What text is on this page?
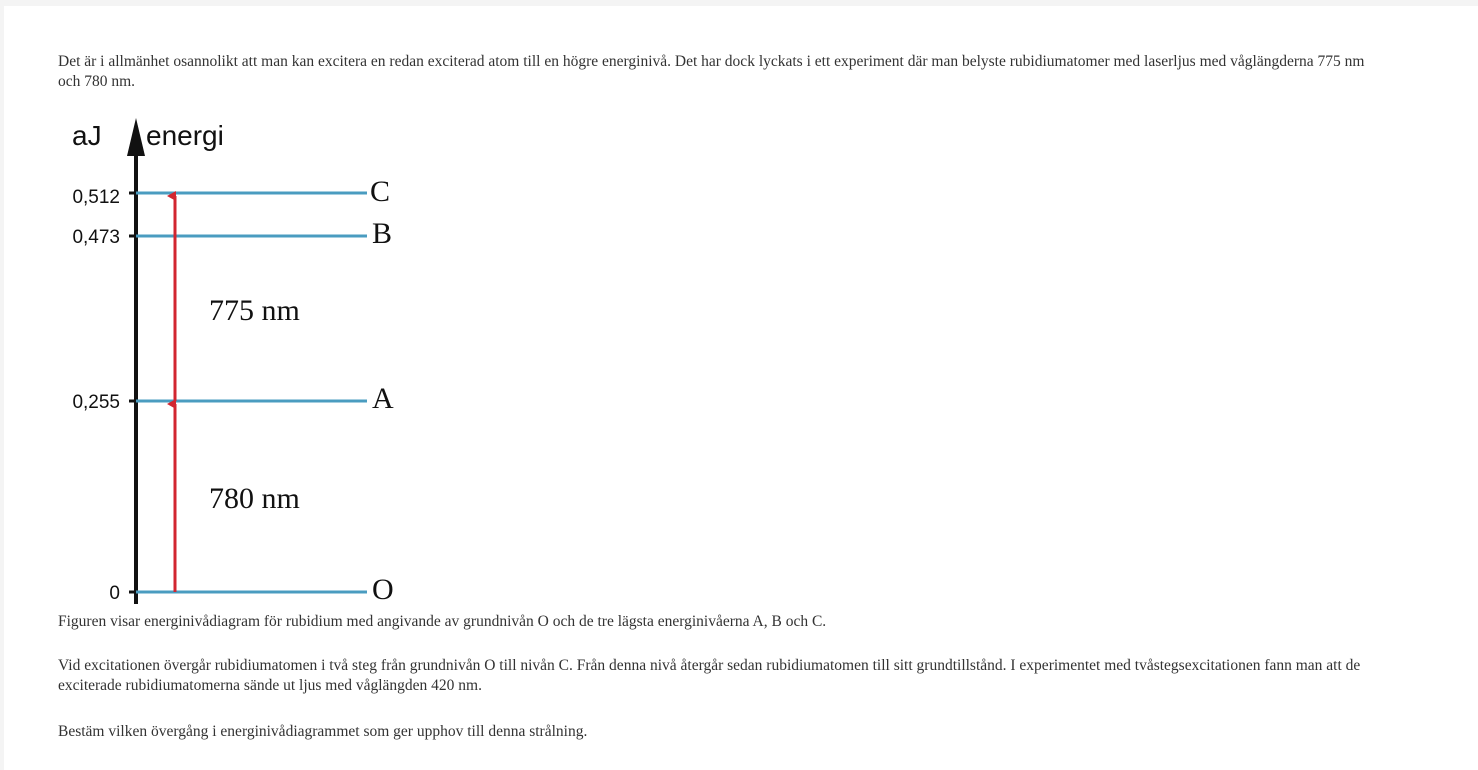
Det är i allmänhet osannolikt att man kan excitera en redan exciterad atom till en högre energinivå. Det har dock lyckats i ett experiment där man belyste rubidiumatomer med laserljus med våglängderna 775 nm och 780 nm.

aJ energi
0,512	C
0,473	B
0,255	A
0	O
775 nm
780 nm

Figuren visar energinivådiagram för rubidium med angivande av grundnivån O och de tre lägsta energinivåerna A, B och C.

Vid excitationen övergår rubidiumatomen i två steg från grundnivån O till nivån C. Från denna nivå återgår sedan rubidiumatomen till sitt grundtillstånd. I experimentet med tvåstegsexcitationen fann man att de exciterade rubidiumatomerna sände ut ljus med våglängden 420 nm.

Bestäm vilken övergång i energinivådiagrammet som ger upphov till denna strålning.
